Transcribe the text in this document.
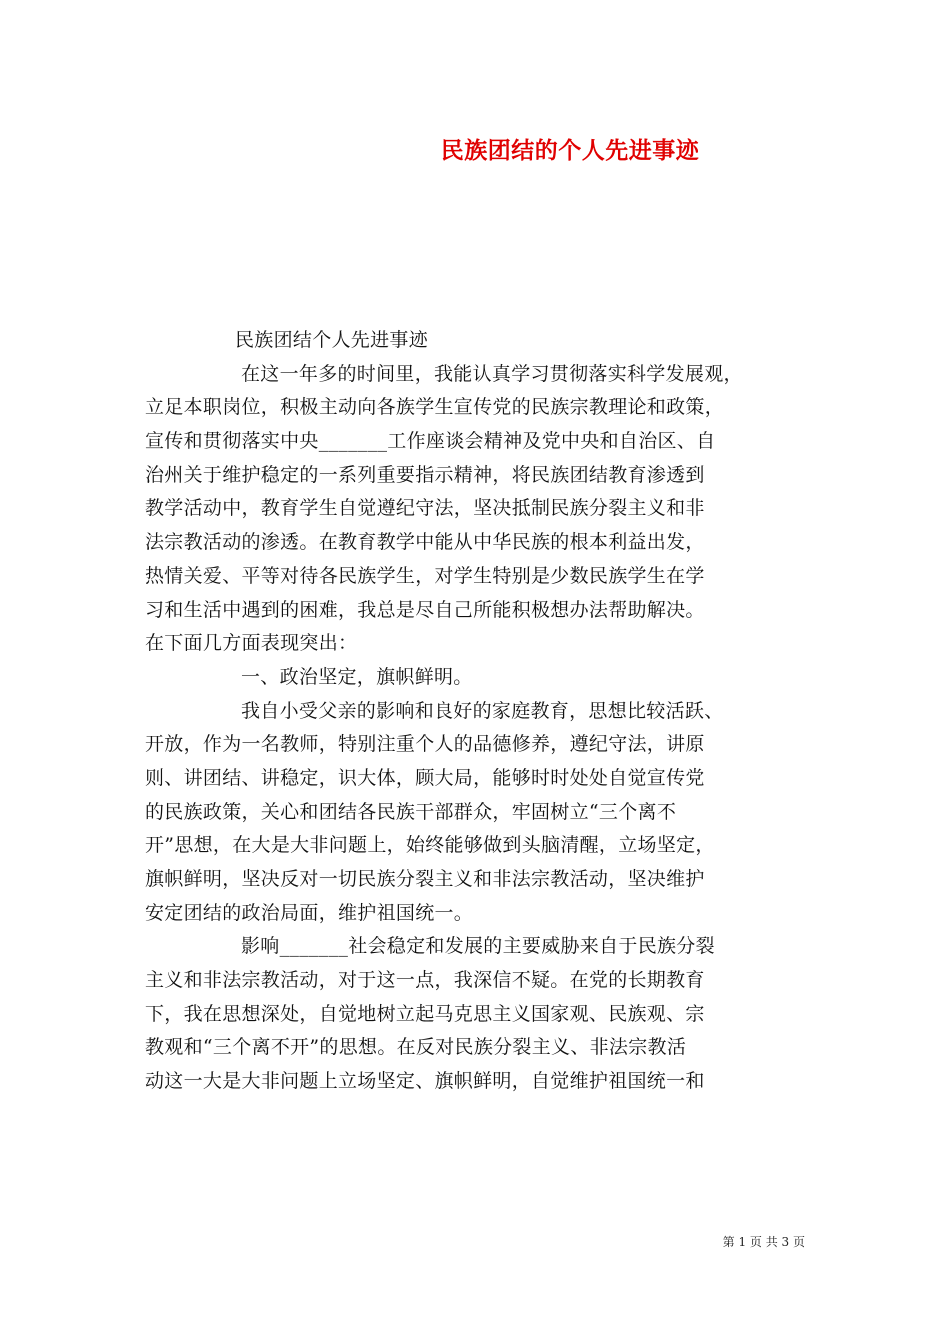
民族团结的个人先进事迹
民族团结个人先进事迹
在这一年多的时间里，我能认真学习贯彻落实科学发展观，
立足本职岗位，积极主动向各族学生宣传党的民族宗教理论和政策，
宣传和贯彻落实中央_______工作座谈会精神及党中央和自治区、自
治州关于维护稳定的一系列重要指示精神，将民族团结教育渗透到
教学活动中，教育学生自觉遵纪守法，坚决抵制民族分裂主义和非
法宗教活动的渗透。在教育教学中能从中华民族的根本利益出发，
热情关爱、平等对待各民族学生，对学生特别是少数民族学生在学
习和生活中遇到的困难，我总是尽自己所能积极想办法帮助解决。
在下面几方面表现突出：
一、政治坚定，旗帜鲜明。
我自小受父亲的影响和良好的家庭教育，思想比较活跃、
开放，作为一名教师，特别注重个人的品德修养，遵纪守法，讲原
则、讲团结、讲稳定，识大体，顾大局，能够时时处处自觉宣传党
的民族政策，关心和团结各民族干部群众，牢固树立“三个离不
开”思想，在大是大非问题上，始终能够做到头脑清醒，立场坚定，
旗帜鲜明，坚决反对一切民族分裂主义和非法宗教活动，坚决维护
安定团结的政治局面，维护祖国统一。
影响_______社会稳定和发展的主要威胁来自于民族分裂
主义和非法宗教活动，对于这一点，我深信不疑。在党的长期教育
下，我在思想深处，自觉地树立起马克思主义国家观、民族观、宗
教观和“三个离不开”的思想。在反对民族分裂主义、非法宗教活
动这一大是大非问题上立场坚定、旗帜鲜明，自觉维护祖国统一和
第 1 页 共 3 页
